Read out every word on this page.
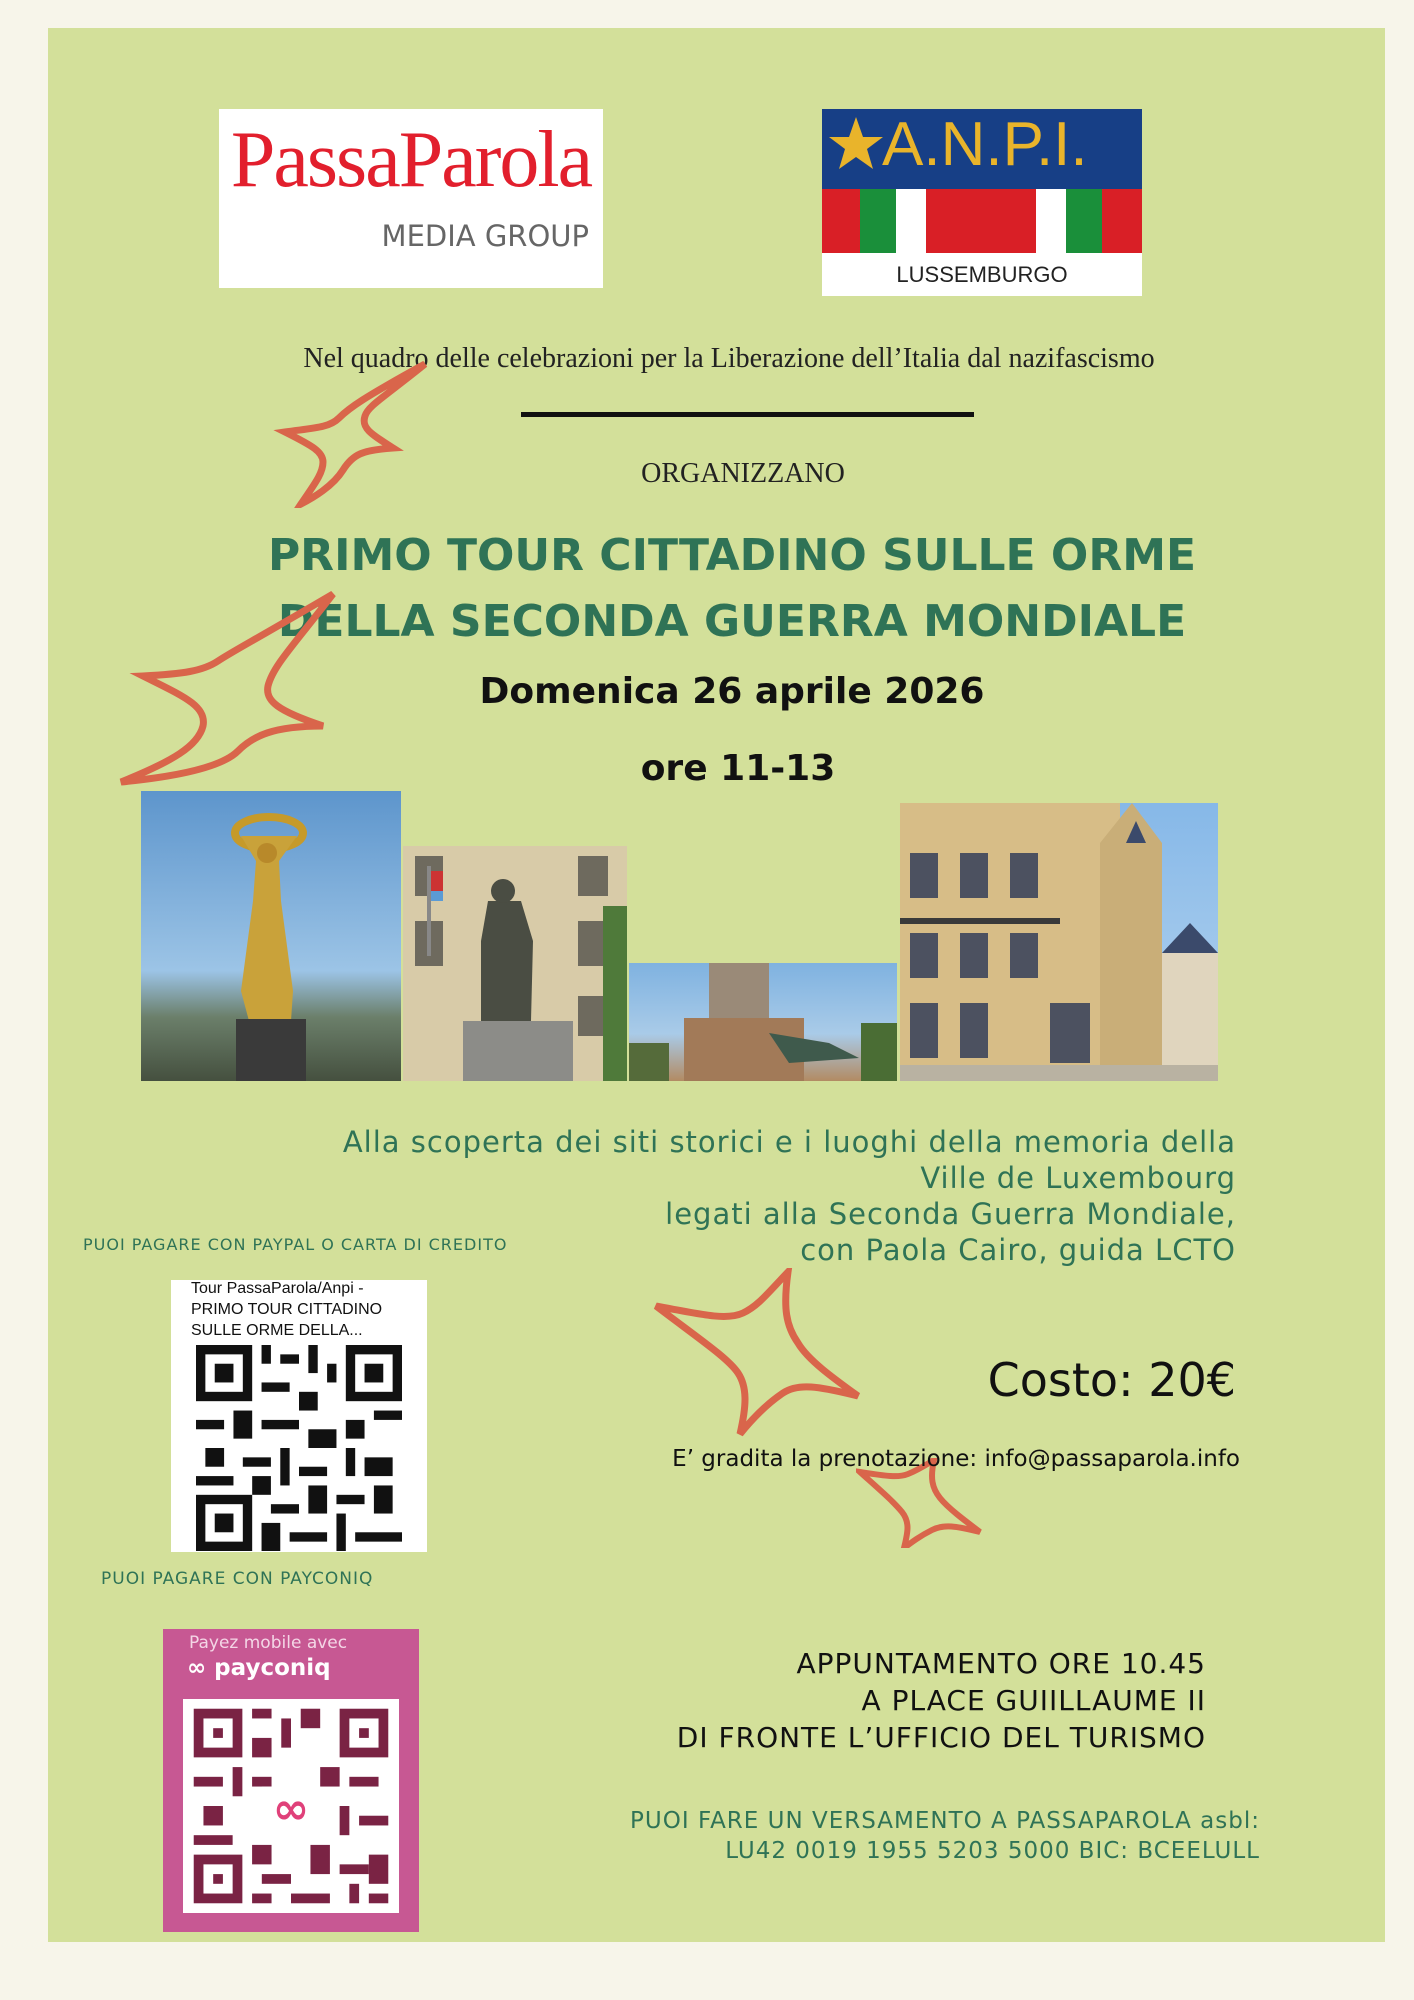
PassaParola
MEDIA GROUP
A.N.P.I.
LUSSEMBURGO
Nel quadro delle celebrazioni per la Liberazione dell’Italia dal nazifascismo
ORGANIZZANO
PRIMO TOUR CITTADINO SULLE ORME
DELLA SECONDA GUERRA MONDIALE
Domenica 26 aprile 2026
ore 11-13
Alla scoperta dei siti storici e i luoghi della memoria della
Ville de Luxembourg
legati alla Seconda Guerra Mondiale,
con Paola Cairo, guida LCTO
PUOI PAGARE CON PAYPAL O CARTA DI CREDITO
Tour PassaParola/Anpi -
PRIMO TOUR CITTADINO
SULLE ORME DELLA...
PUOI PAGARE CON PAYCONIQ
Payez mobile avec
∞ payconiq
∞
Costo: 20€
E’ gradita la prenotazione: info@passaparola.info
APPUNTAMENTO ORE 10.45
A PLACE GUIILLAUME II
DI FRONTE L’UFFICIO DEL TURISMO
PUOI FARE UN VERSAMENTO A PASSAPAROLA asbl:
LU42 0019 1955 5203 5000 BIC: BCEELULL
